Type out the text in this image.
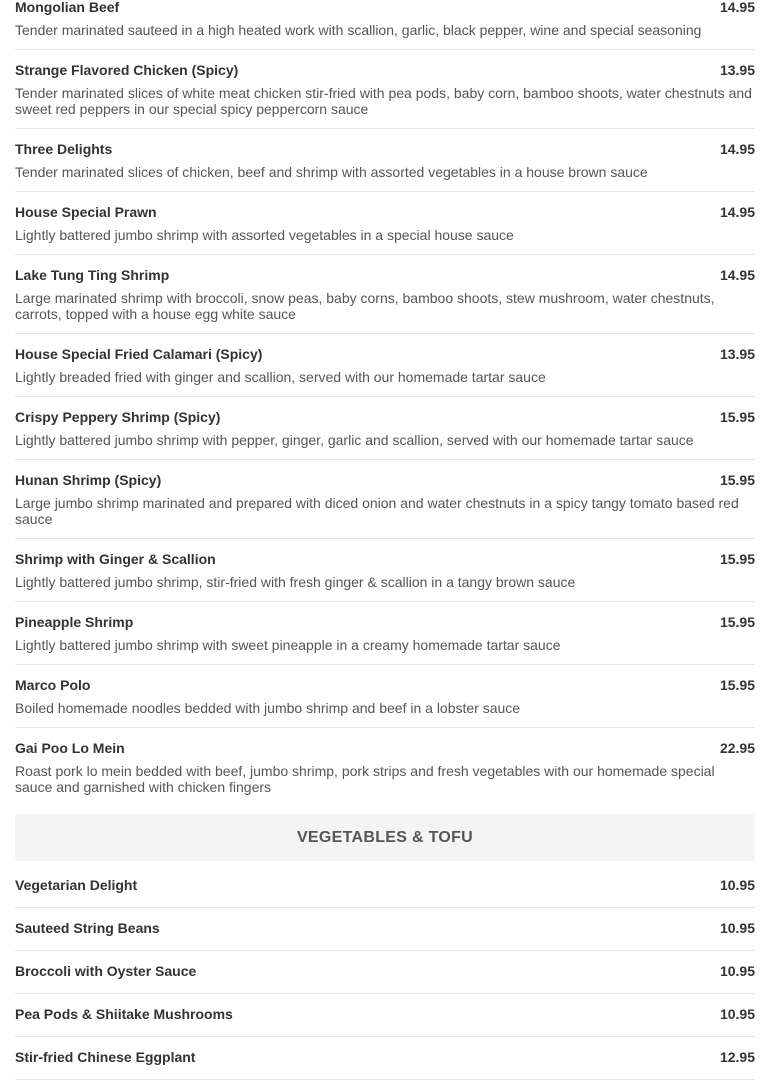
Mongolian Beef	14.95
Tender marinated sauteed in a high heated work with scallion, garlic, black pepper, wine and special seasoning
Strange Flavored Chicken (Spicy)	13.95
Tender marinated slices of white meat chicken stir-fried with pea pods, baby corn, bamboo shoots, water chestnuts and sweet red peppers in our special spicy peppercorn sauce
Three Delights	14.95
Tender marinated slices of chicken, beef and shrimp with assorted vegetables in a house brown sauce
House Special Prawn	14.95
Lightly battered jumbo shrimp with assorted vegetables in a special house sauce
Lake Tung Ting Shrimp	14.95
Large marinated shrimp with broccoli, snow peas, baby corns, bamboo shoots, stew mushroom, water chestnuts, carrots, topped with a house egg white sauce
House Special Fried Calamari (Spicy)	13.95
Lightly breaded fried with ginger and scallion, served with our homemade tartar sauce
Crispy Peppery Shrimp (Spicy)	15.95
Lightly battered jumbo shrimp with pepper, ginger, garlic and scallion, served with our homemade tartar sauce
Hunan Shrimp (Spicy)	15.95
Large jumbo shrimp marinated and prepared with diced onion and water chestnuts in a spicy tangy tomato based red sauce
Shrimp with Ginger & Scallion	15.95
Lightly battered jumbo shrimp, stir-fried with fresh ginger & scallion in a tangy brown sauce
Pineapple Shrimp	15.95
Lightly battered jumbo shrimp with sweet pineapple in a creamy homemade tartar sauce
Marco Polo	15.95
Boiled homemade noodles bedded with jumbo shrimp and beef in a lobster sauce
Gai Poo Lo Mein	22.95
Roast pork lo mein bedded with beef, jumbo shrimp, pork strips and fresh vegetables with our homemade special sauce and garnished with chicken fingers
VEGETABLES & TOFU
Vegetarian Delight	10.95
Sauteed String Beans	10.95
Broccoli with Oyster Sauce	10.95
Pea Pods & Shiitake Mushrooms	10.95
Stir-fried Chinese Eggplant	12.95
